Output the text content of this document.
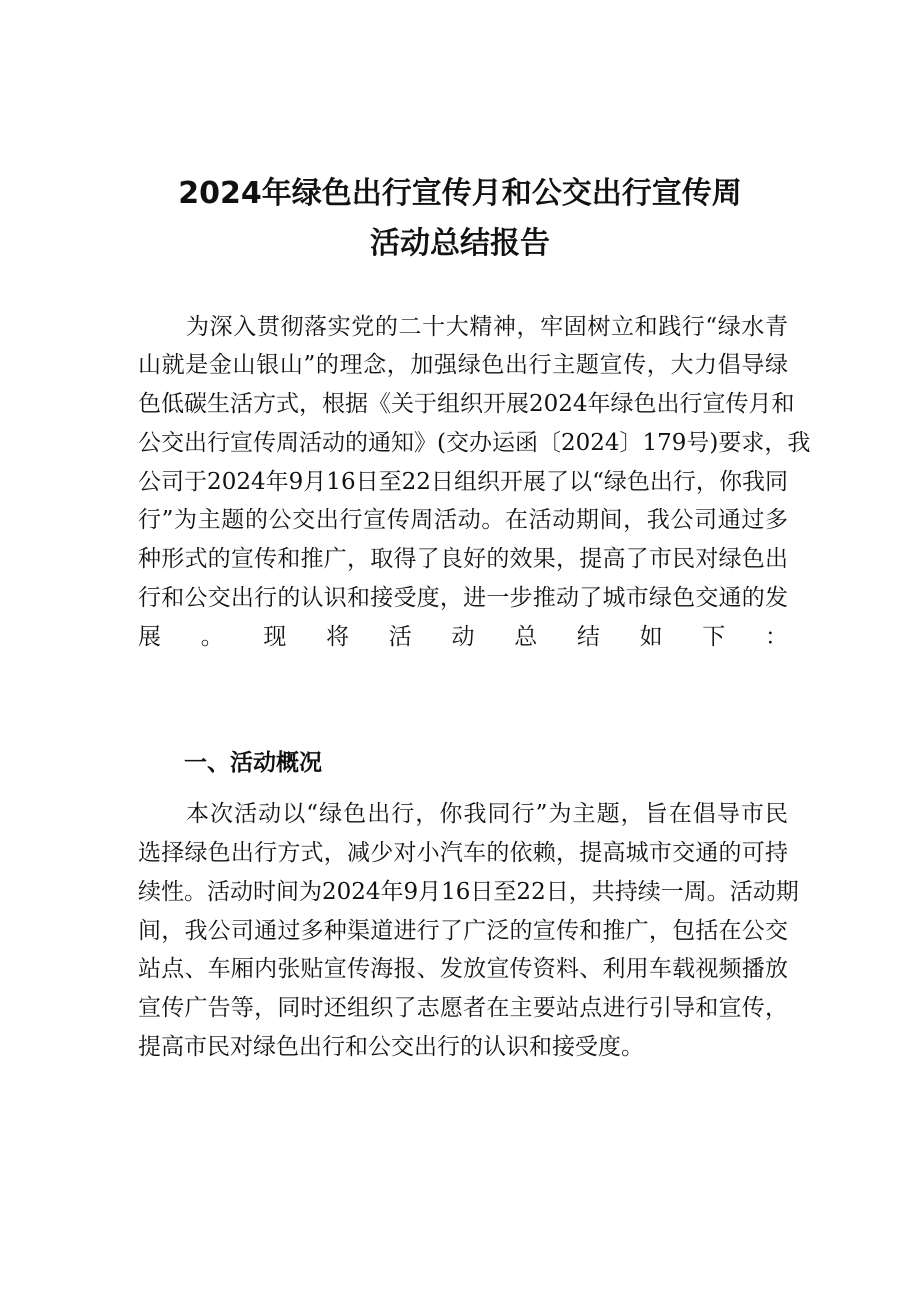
2024年绿色出行宣传月和公交出行宣传周
活动总结报告
为深入贯彻落实党的二十大精神，牢固树立和践行“绿水青
山就是金山银山”的理念，加强绿色出行主题宣传，大力倡导绿
色低碳生活方式，根据《关于组织开展2024年绿色出行宣传月和
公交出行宣传周活动的通知》(交办运函〔2024〕179号)要求，我
公司于2024年9月16日至22日组织开展了以“绿色出行，你我同
行”为主题的公交出行宣传周活动。在活动期间，我公司通过多
种形式的宣传和推广，取得了良好的效果，提高了市民对绿色出
行和公交出行的认识和接受度，进一步推动了城市绿色交通的发
展。现将活动总结如下：
一、活动概况
本次活动以“绿色出行，你我同行”为主题，旨在倡导市民
选择绿色出行方式，减少对小汽车的依赖，提高城市交通的可持
续性。活动时间为2024年9月16日至22日，共持续一周。活动期
间，我公司通过多种渠道进行了广泛的宣传和推广，包括在公交
站点、车厢内张贴宣传海报、发放宣传资料、利用车载视频播放
宣传广告等，同时还组织了志愿者在主要站点进行引导和宣传，
提高市民对绿色出行和公交出行的认识和接受度。
